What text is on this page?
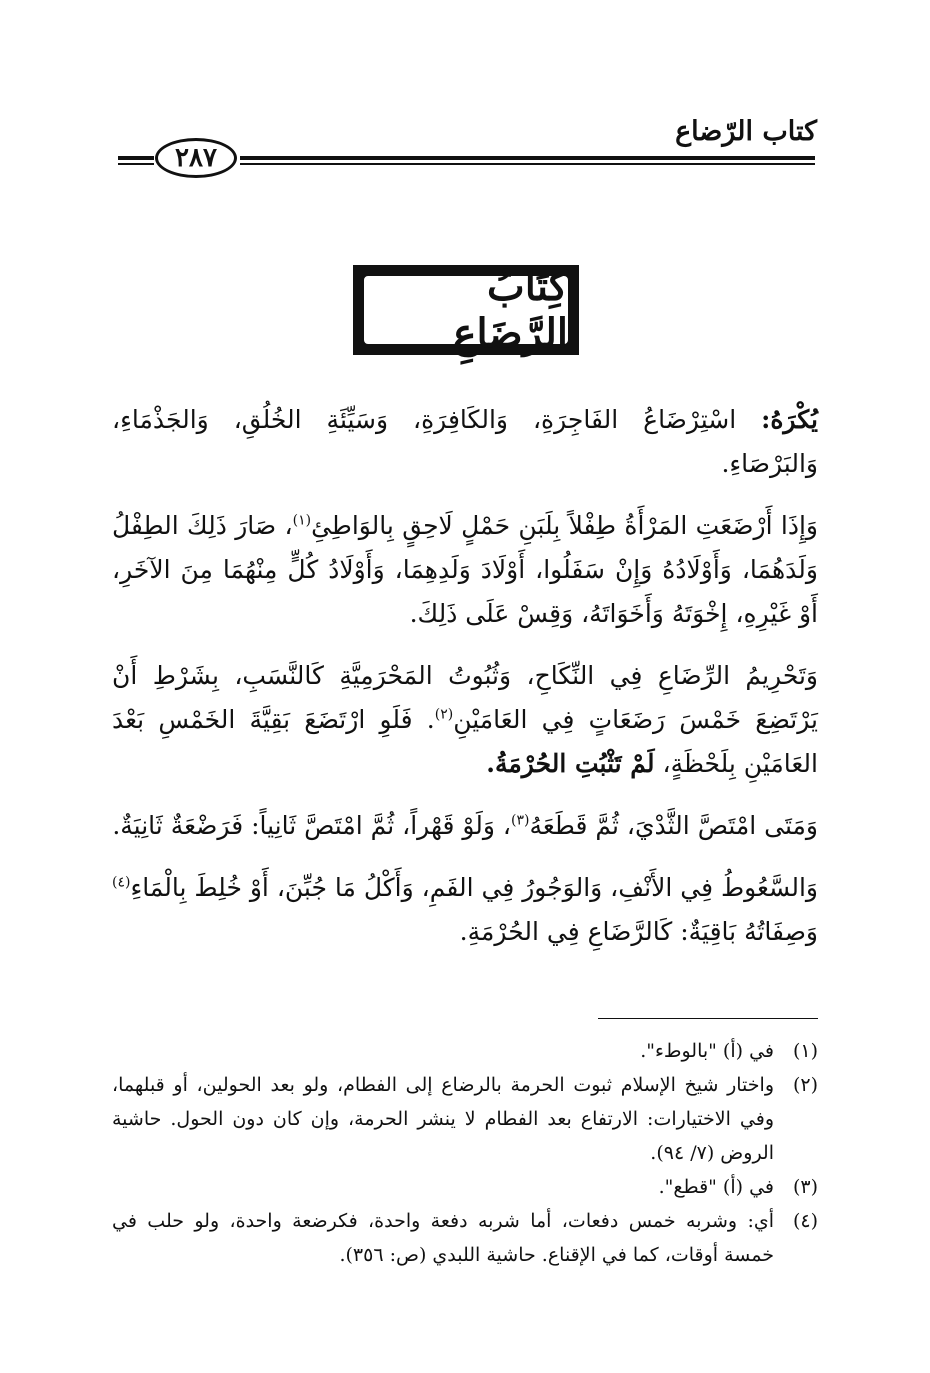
كتاب الرّضاع
٢٨٧
كِتَابُ الرَّضَاعِ

يُكْرَهُ: اسْتِرْضَاعُ الفَاجِرَةِ، وَالكَافِرَةِ، وَسَيِّئَةِ الخُلُقِ، وَالجَذْمَاءِ، وَالبَرْصَاءِ.

وَإِذَا أَرْضَعَتِ المَرْأَةُ طِفْلاً بِلَبَنِ حَمْلٍ لَاحِقٍ بِالوَاطِئِ$^{(١)}$، صَارَ ذَلِكَ الطِفْلُ وَلَدَهُمَا، وَأَوْلَادُهُ وَإِنْ سَفَلُوا، أَوْلَادَ وَلَدِهِمَا، وَأَوْلَادُ كُلٍّ مِنْهُمَا مِنَ الآخَرِ، أَوْ غَيْرِهِ، إِخْوَتَهُ وَأَخَوَاتَهُ، وَقِسْ عَلَى ذَلِكَ.

وَتَحْرِيمُ الرِّضَاعِ فِي النِّكَاحِ، وَثُبُوتُ المَحْرَمِيَّةِ كَالنَّسَبِ، بِشَرْطِ أَنْ يَرْتَضِعَ خَمْسَ رَضَعَاتٍ فِي العَامَيْنِ$^{(٢)}$. فَلَوِ ارْتَضَعَ بَقِيَّةَ الخَمْسِ بَعْدَ العَامَيْنِ بِلَحْظَةٍ، لَمْ تَثْبُتِ الحُرْمَةُ.

وَمَتَى امْتَصَّ الثَّدْيَ، ثُمَّ قَطَعَهُ$^{(٣)}$، وَلَوْ قَهْراً، ثُمَّ امْتَصَّ ثَانِياً: فَرَضْعَةٌ ثَانِيَةٌ.

وَالسَّعُوطُ فِي الأَنْفِ، وَالوَجُورُ فِي الفَمِ، وَأَكْلُ مَا جُبِّنَ، أَوْ خُلِطَ بِالْمَاءِ$^{(٤)}$ وَصِفَاتُهُ بَاقِيَةٌ: كَالرَّضَاعِ فِي الحُرْمَةِ.

(١)
في (أ) "بالوطء".
(٢)
واختار شيخ الإسلام ثبوت الحرمة بالرضاع إلى الفطام، ولو بعد الحولين، أو قبلهما، وفي الاختيارات: الارتفاع بعد الفطام لا ينشر الحرمة، وإن كان دون الحول. حاشية الروض (٧/ ٩٤).
(٣)
في (أ) "قطع".
(٤)
أي: وشربه خمس دفعات، أما شربه دفعة واحدة، فكرضعة واحدة، ولو حلب في خمسة أوقات، كما في الإقناع. حاشية اللبدي (ص: ٣٥٦).
